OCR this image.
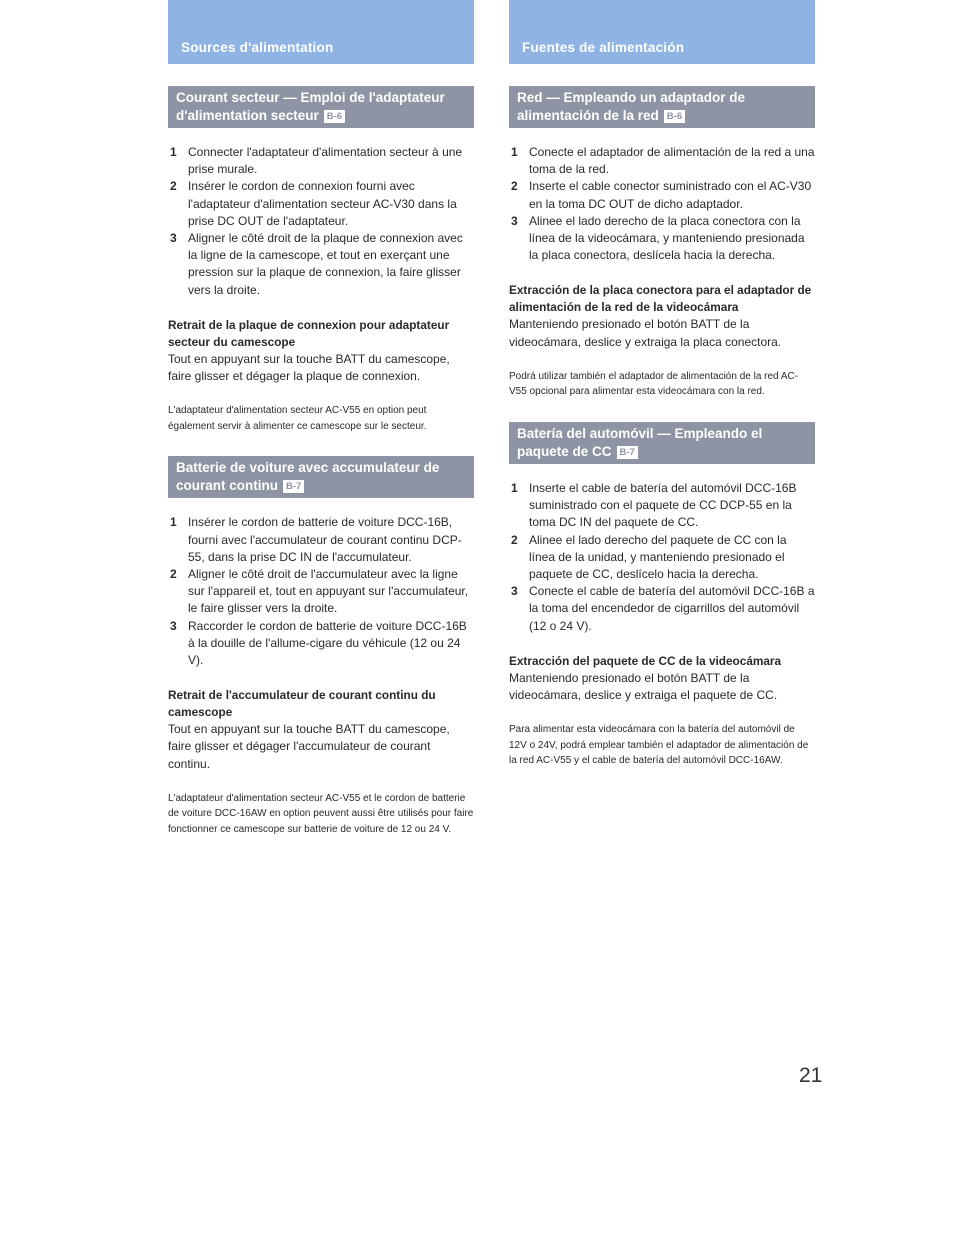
Sources d'alimentation
Courant secteur — Emploi de l'adaptateur d'alimentation secteur B-6
1 Connecter l'adaptateur d'alimentation secteur à une prise murale.
2 Insérer le cordon de connexion fourni avec l'adaptateur d'alimentation secteur AC-V30 dans la prise DC OUT de l'adaptateur.
3 Aligner le côté droit de la plaque de connexion avec la ligne de la camescope, et tout en exerçant une pression sur la plaque de connexion, la faire glisser vers la droite.
Retrait de la plaque de connexion pour adaptateur secteur du camescope
Tout en appuyant sur la touche BATT du camescope, faire glisser et dégager la plaque de connexion.
L'adaptateur d'alimentation secteur AC-V55 en option peut également servir à alimenter ce camescope sur le secteur.
Batterie de voiture avec accumulateur de courant continu B-7
1 Insérer le cordon de batterie de voiture DCC-16B, fourni avec l'accumulateur de courant continu DCP-55, dans la prise DC IN de l'accumulateur.
2 Aligner le côté droit de l'accumulateur avec la ligne sur l'appareil et, tout en appuyant sur l'accumulateur, le faire glisser vers la droite.
3 Raccorder le cordon de batterie de voiture DCC-16B à la douille de l'allume-cigare du véhicule (12 ou 24 V).
Retrait de l'accumulateur de courant continu du camescope
Tout en appuyant sur la touche BATT du camescope, faire glisser et dégager l'accumulateur de courant continu.
L'adaptateur d'alimentation secteur AC-V55 et le cordon de batterie de voiture DCC-16AW en option peuvent aussi être utilisés pour faire fonctionner ce camescope sur batterie de voiture de 12 ou 24 V.
Fuentes de alimentación
Red — Empleando un adaptador de alimentación de la red B-6
1 Conecte el adaptador de alimentación de la red a una toma de la red.
2 Inserte el cable conector suministrado con el AC-V30 en la toma DC OUT de dicho adaptador.
3 Alinee el lado derecho de la placa conectora con la línea de la videocámara, y manteniendo presionada la placa conectora, deslícela hacia la derecha.
Extracción de la placa conectora para el adaptador de alimentación de la red de la videocámara
Manteniendo presionado el botón BATT de la videocámara, deslice y extraiga la placa conectora.
Podrá utilizar también el adaptador de alimentación de la red AC-V55 opcional para alimentar esta videocámara con la red.
Batería del automóvil — Empleando el paquete de CC B-7
1 Inserte el cable de batería del automóvil DCC-16B suministrado con el paquete de CC DCP-55 en la toma DC IN del paquete de CC.
2 Alinee el lado derecho del paquete de CC con la línea de la unidad, y manteniendo presionado el paquete de CC, deslícelo hacia la derecha.
3 Conecte el cable de batería del automóvil DCC-16B a la toma del encendedor de cigarrillos del automóvil (12 o 24 V).
Extracción del paquete de CC de la videocámara
Manteniendo presionado el botón BATT de la videocámara, deslice y extraiga el paquete de CC.
Para alimentar esta videocámara con la batería del automóvil de 12V o 24V, podrá emplear también el adaptador de alimentación de la red AC-V55 y el cable de batería del automóvil DCC-16AW.
21
